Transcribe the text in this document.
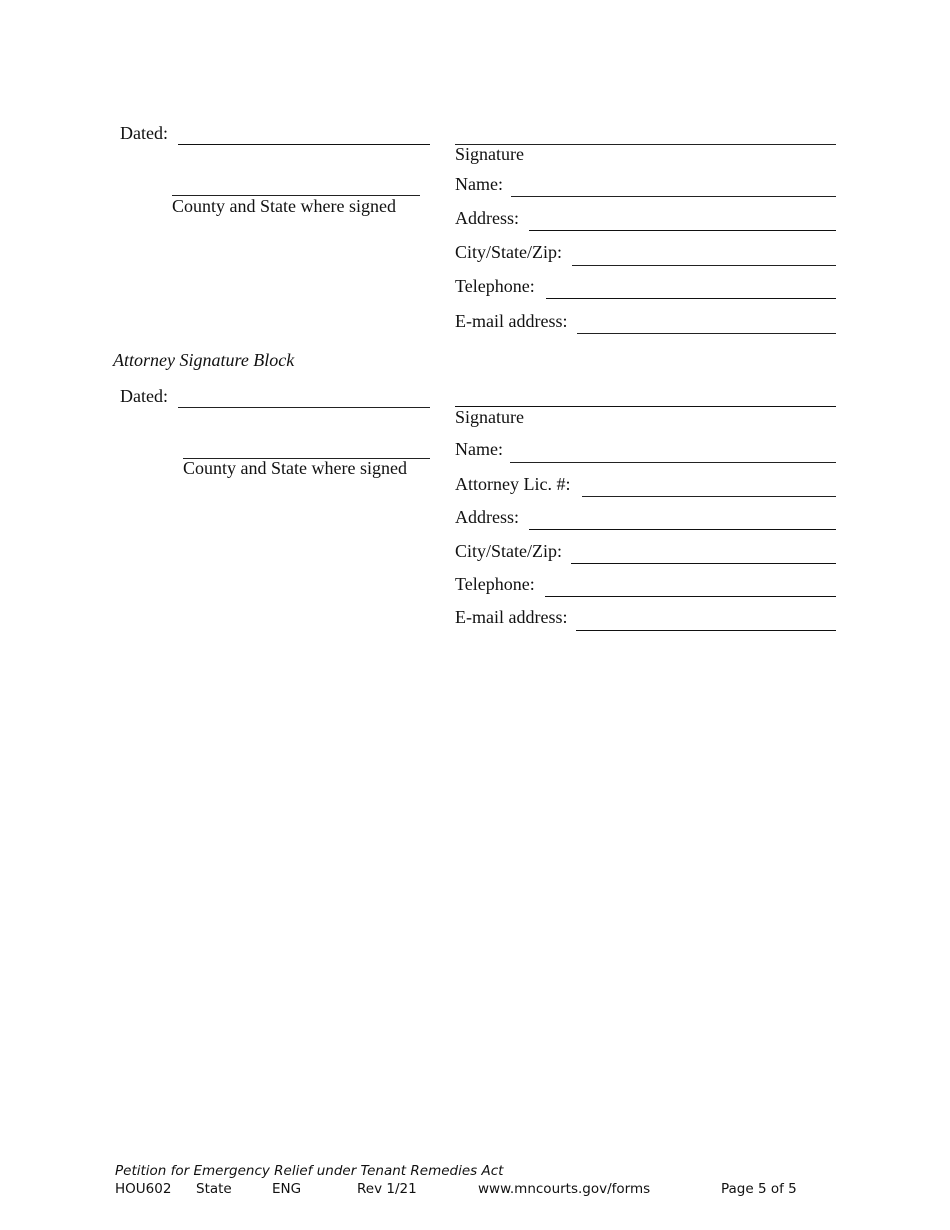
Dated:
County and State where signed
Signature
Name:
Address:
City/State/Zip:
Telephone:
E-mail address:
Attorney Signature Block
Dated:
County and State where signed
Signature
Name:
Attorney Lic. #:
Address:
City/State/Zip:
Telephone:
E-mail address:
Petition for Emergency Relief under Tenant Remedies Act
HOU602 State	ENG	Rev 1/21	www.mncourts.gov/forms	Page 5 of 5
